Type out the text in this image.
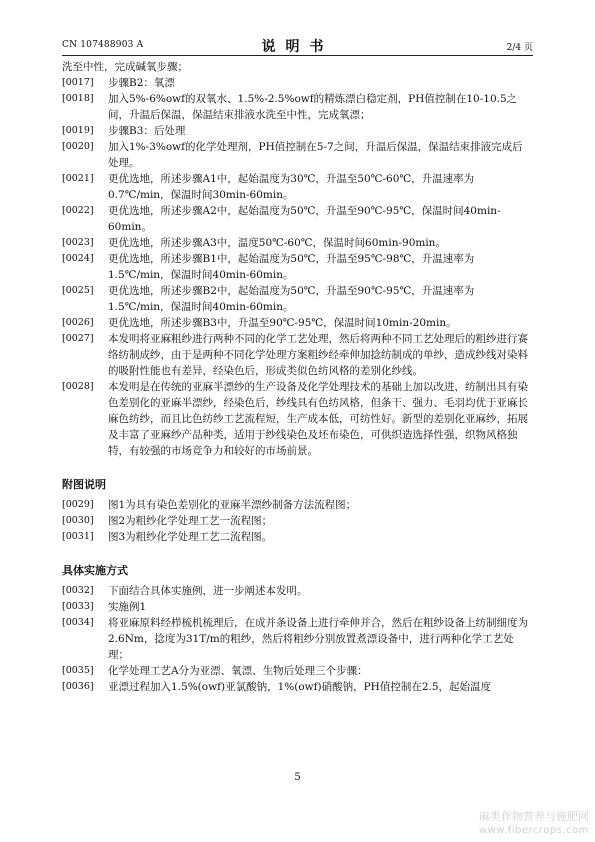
CN 107488903 A	说明书	2/4 页
洗至中性，完成碱氧步骤；
[0017]	步骤B2：氧漂
[0018]	加入5%-6%owf的双氧水、1.5%-2.5%owf的精炼漂白稳定剂，PH值控制在10-10.5之间，升温后保温，保温结束排液水洗至中性，完成氧漂；
[0019]	步骤B3：后处理
[0020]	加入1%-3%owf的化学处理剂，PH值控制在5-7之间，升温后保温，保温结束排液完成后处理。
[0021]	更优选地，所述步骤A1中，起始温度为30℃，升温至50℃-60℃，升温速率为0.7℃/min，保温时间30min-60min。
[0022]	更优选地，所述步骤A2中，起始温度为50℃，升温至90℃-95℃，保温时间40min-60min。
[0023]	更优选地，所述步骤A3中，温度50℃-60℃，保温时间60min-90min。
[0024]	更优选地，所述步骤B1中，起始温度为50℃，升温至95℃-98℃，升温速率为1.5℃/min，保温时间40min-60min。
[0025]	更优选地，所述步骤B2中，起始温度为50℃，升温至90℃-95℃，升温速率为1.5℃/min，保温时间40min-60min。
[0026]	更优选地，所述步骤B3中，升温至90℃-95℃，保温时间10min-20min。
[0027]	本发明将亚麻粗纱进行两种不同的化学工艺处理，然后将两种不同工艺处理后的粗纱进行赛络纺制成纱，由于是两种不同化学处理方案粗纱经牵伸加捻纺制成的单纱，造成纱线对染料的吸附性能也有差异，经染色后，形成类似色纺风格的差别化纱线。
[0028]	本发明是在传统的亚麻半漂纱的生产设备及化学处理技术的基础上加以改进，纺制出具有染色差别化的亚麻半漂纱，经染色后，纱线具有色纺风格，但条干、强力、毛羽均优于亚麻长麻色纺纱，而且比色纺纱工艺流程短，生产成本低，可纺性好。新型的差别化亚麻纱，拓展及丰富了亚麻纱产品种类，适用于纱线染色及坯布染色，可供织造选择性强，织物风格独特，有较强的市场竞争力和较好的市场前景。
附图说明
[0029]	图1为具有染色差别化的亚麻半漂纱制备方法流程图；
[0030]	图2为粗纱化学处理工艺一流程图；
[0031]	图3为粗纱化学处理工艺二流程图。
具体实施方式
[0032]	下面结合具体实施例，进一步阐述本发明。
[0033]	实施例1
[0034]	将亚麻原料经栉梳机梳理后，在成并条设备上进行牵伸并合，然后在粗纱设备上纺制细度为2.6Nm，捻度为31T/m的粗纱，然后将粗纱分别放置煮漂设备中，进行两种化学工艺处理；
[0035]	化学处理工艺A分为亚漂、氧漂、生物后处理三个步骤：
[0036]	亚漂过程加入1.5%(owf)亚氯酸钠，1%(owf)硝酸钠，PH值控制在2.5，起始温度
5
麻类作物营养与施肥网
www.fibercrops.com
